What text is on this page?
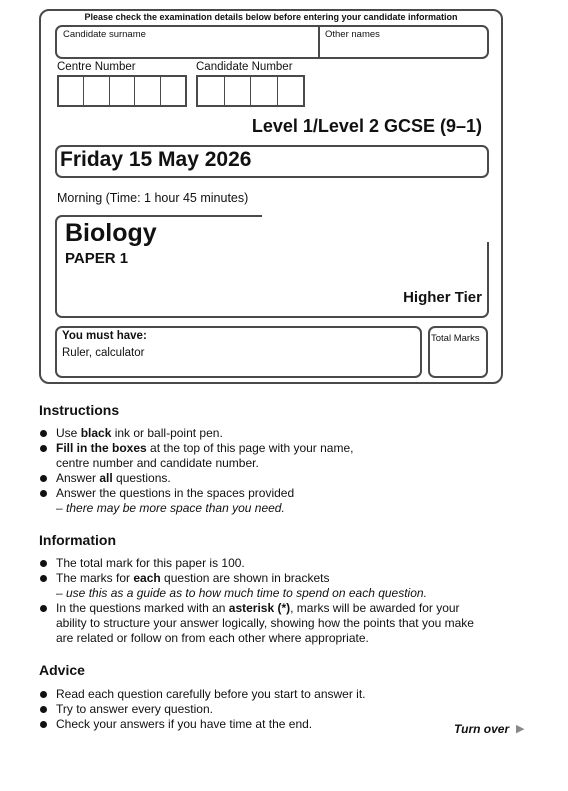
Please check the examination details below before entering your candidate information
Candidate surname	Other names
Centre Number	Candidate Number
Level 1/Level 2 GCSE (9–1)
Friday 15 May 2026
Morning (Time: 1 hour 45 minutes)
Biology
PAPER 1
Higher Tier
You must have:
Ruler, calculator
Total Marks
Instructions
Use black ink or ball-point pen.
Fill in the boxes at the top of this page with your name,
centre number and candidate number.
Answer all questions.
Answer the questions in the spaces provided
– there may be more space than you need.
Information
The total mark for this paper is 100.
The marks for each question are shown in brackets
– use this as a guide as to how much time to spend on each question.
In the questions marked with an asterisk (*), marks will be awarded for your
ability to structure your answer logically, showing how the points that you make
are related or follow on from each other where appropriate.
Advice
Read each question carefully before you start to answer it.
Try to answer every question.
Check your answers if you have time at the end.	Turn over ▶
